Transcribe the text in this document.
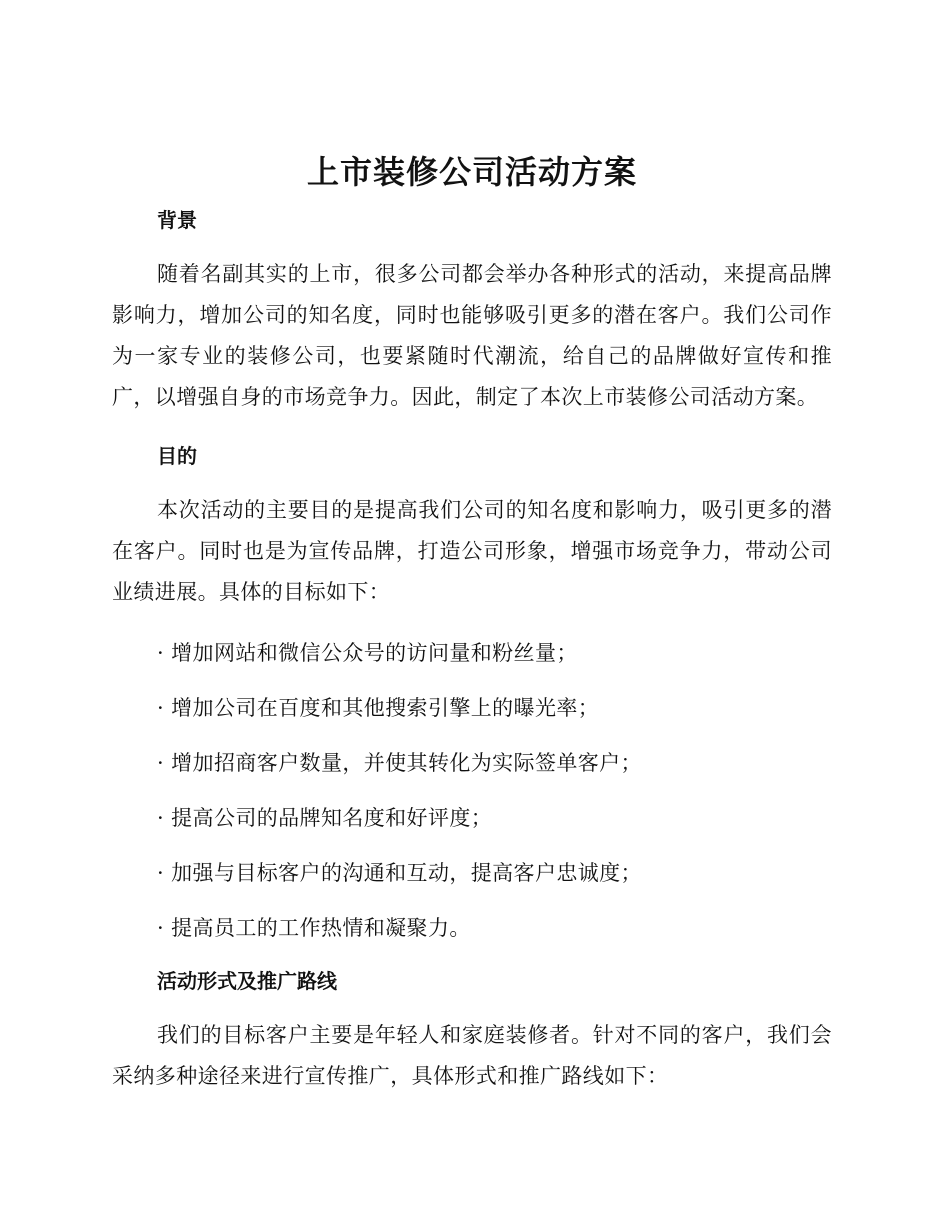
上市装修公司活动方案
背景

随着名副其实的上市，很多公司都会举办各种形式的活动，来提高品牌影响力，增加公司的知名度，同时也能够吸引更多的潜在客户。我们公司作为一家专业的装修公司，也要紧随时代潮流，给自己的品牌做好宣传和推广，以增强自身的市场竞争力。因此，制定了本次上市装修公司活动方案。

目的

本次活动的主要目的是提高我们公司的知名度和影响力，吸引更多的潜在客户。同时也是为宣传品牌，打造公司形象，增强市场竞争力，带动公司业绩进展。具体的目标如下：

· 增加网站和微信公众号的访问量和粉丝量；

· 增加公司在百度和其他搜索引擎上的曝光率；

· 增加招商客户数量，并使其转化为实际签单客户；

· 提高公司的品牌知名度和好评度；

· 加强与目标客户的沟通和互动，提高客户忠诚度；

· 提高员工的工作热情和凝聚力。

活动形式及推广路线

我们的目标客户主要是年轻人和家庭装修者。针对不同的客户，我们会采纳多种途径来进行宣传推广，具体形式和推广路线如下：
